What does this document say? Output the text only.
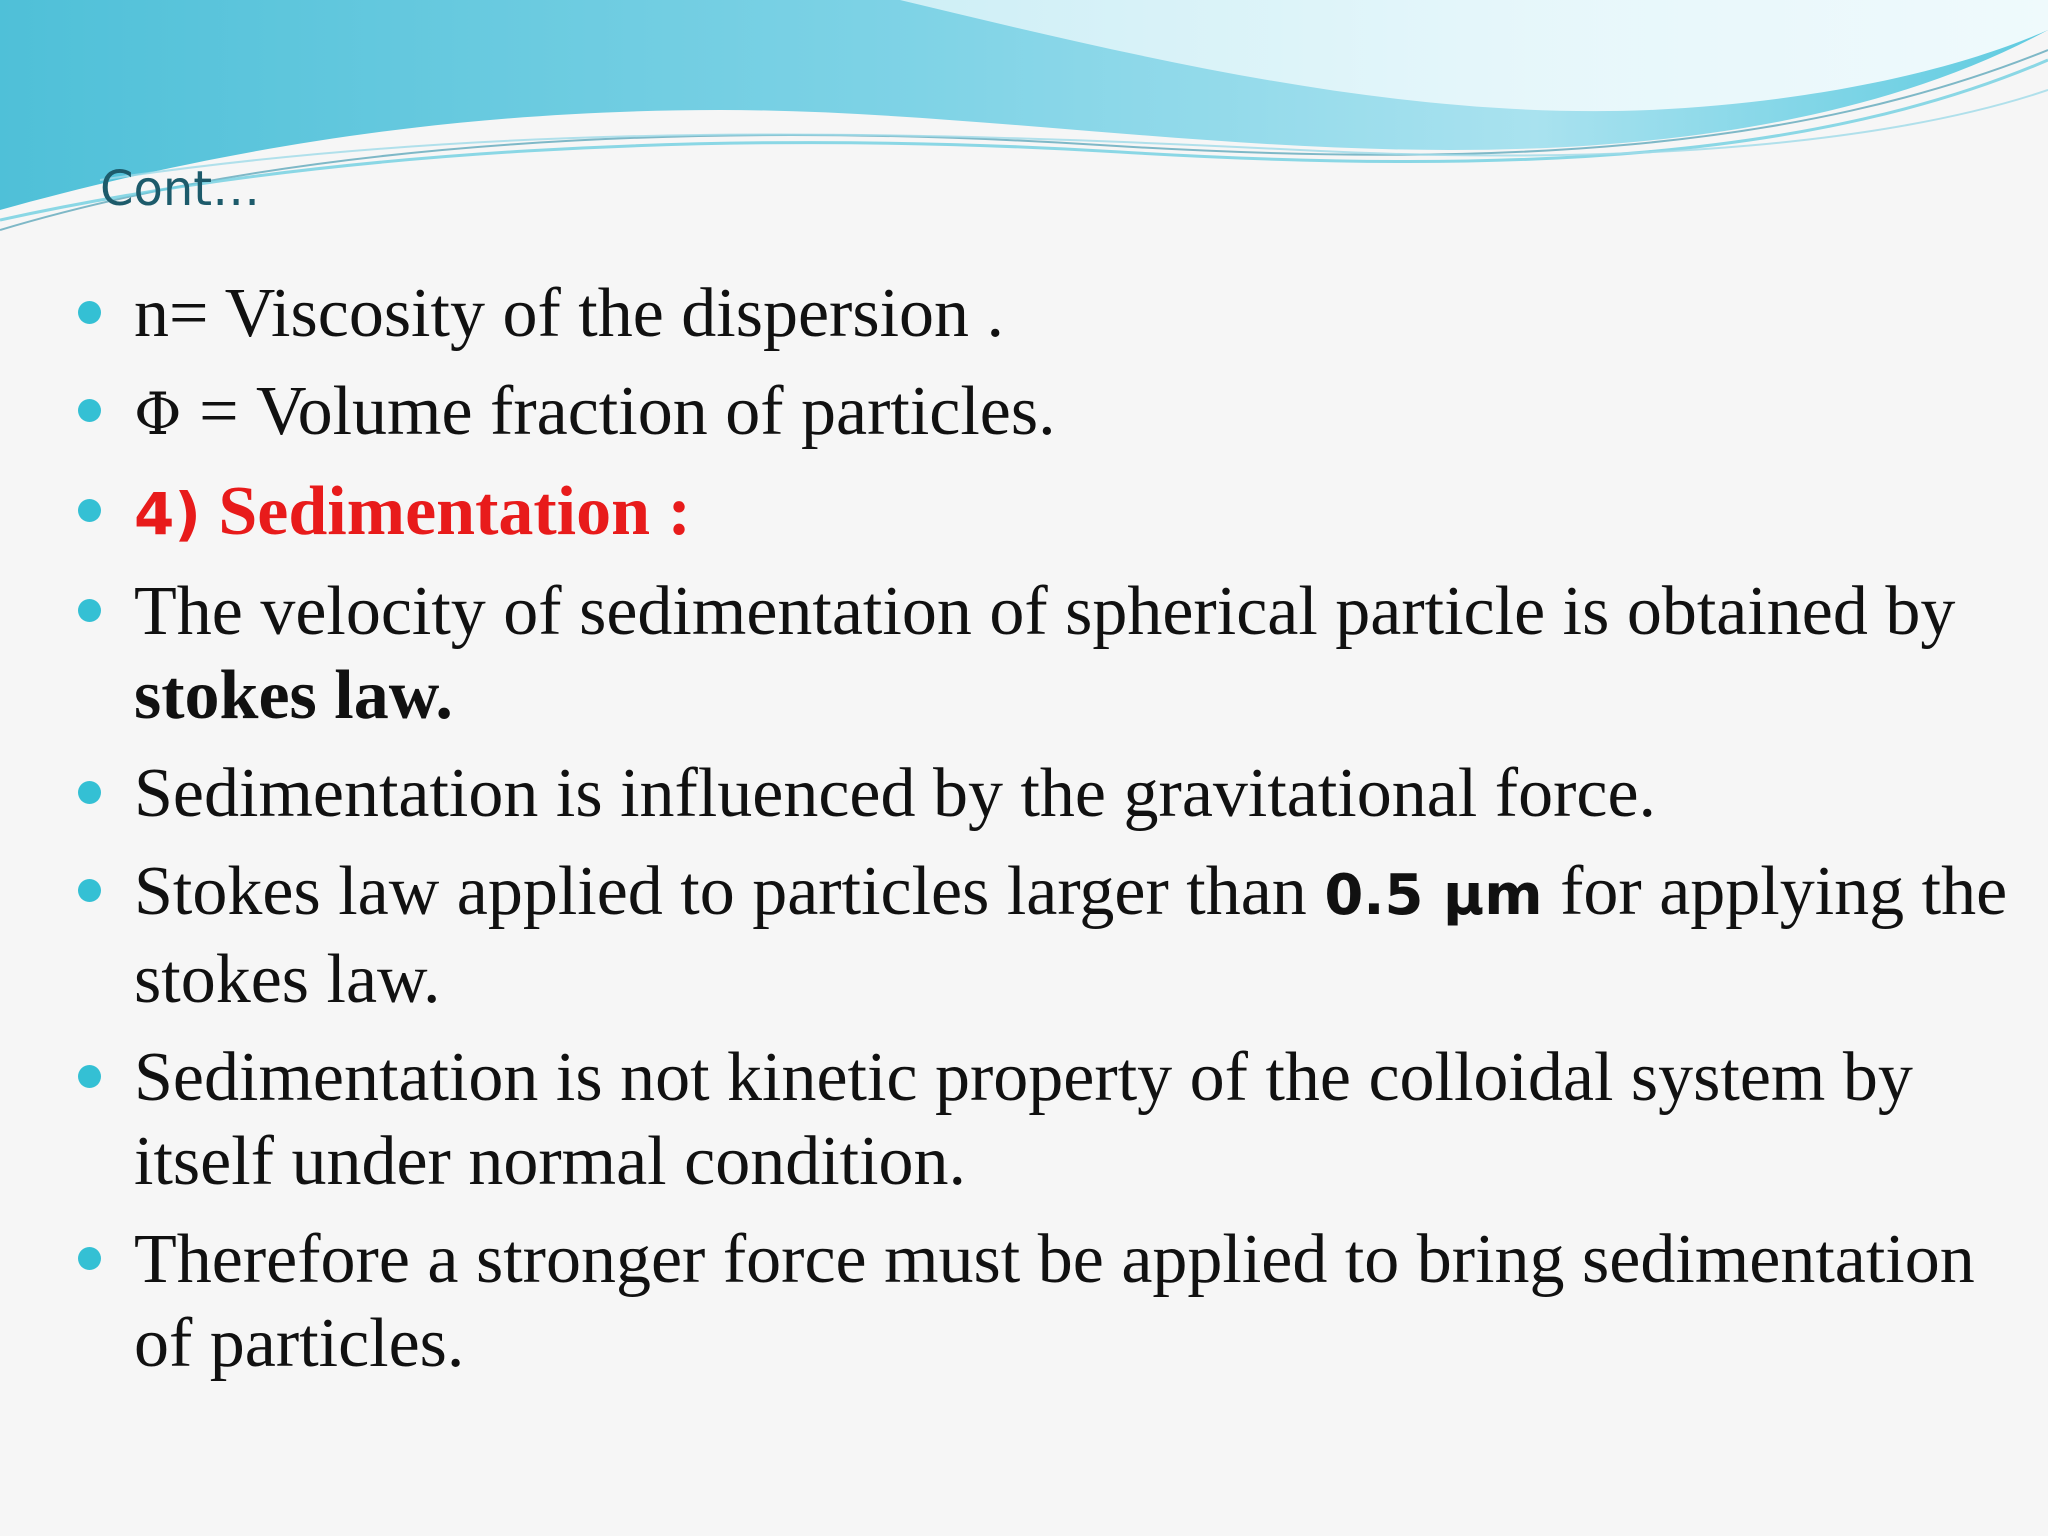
Cont…
n= Viscosity of the dispersion .
Φ = Volume fraction of particles.
4) Sedimentation :
The velocity of sedimentation of spherical particle is obtained by stokes law.
Sedimentation is influenced by the gravitational force.
Stokes law applied to particles larger than 0.5 μm for applying the stokes law.
Sedimentation is not kinetic property of the colloidal system by itself under normal condition.
Therefore a stronger force must be applied to bring sedimentation of particles.
